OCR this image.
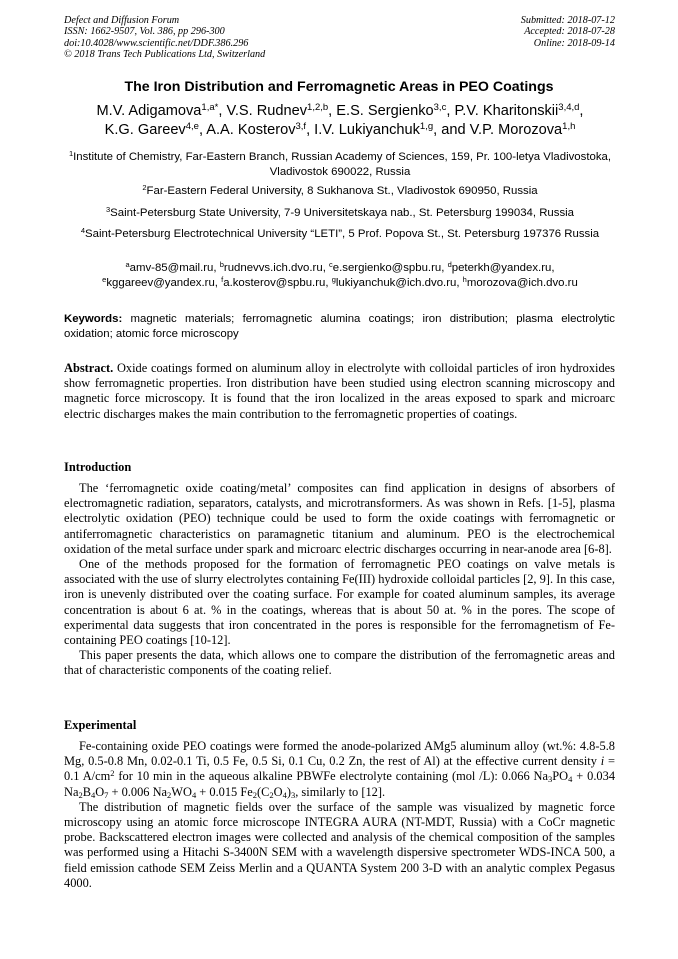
Defect and Diffusion Forum
ISSN: 1662-9507, Vol. 386, pp 296-300
doi:10.4028/www.scientific.net/DDF.386.296
© 2018 Trans Tech Publications Ltd, Switzerland
Submitted: 2018-07-12
Accepted: 2018-07-28
Online: 2018-09-14
The Iron Distribution and Ferromagnetic Areas in PEO Coatings
M.V. Adigamova$^{1,a*}$, V.S. Rudnev$^{1,2,b}$, E.S. Sergienko$^{3,c}$, P.V. Kharitonskii$^{3,4,d}$,
K.G. Gareev$^{4,e}$, A.A. Kosterov$^{3,f}$, I.V. Lukiyanchuk$^{1,g}$, and V.P. Morozova$^{1,h}$
$^1$Institute of Chemistry, Far-Eastern Branch, Russian Academy of Sciences, 159, Pr. 100-letya Vladivostoka, Vladivostok 690022, Russia
$^2$Far-Eastern Federal University, 8 Sukhanova St., Vladivostok 690950, Russia
$^3$Saint-Petersburg State University, 7-9 Universitetskaya nab., St. Petersburg 199034, Russia
$^4$Saint-Petersburg Electrotechnical University “LETI”, 5 Prof. Popova St., St. Petersburg 197376 Russia
$^a$amv-85@mail.ru, $^b$rudnevvs.ich.dvo.ru, $^c$e.sergienko@spbu.ru, $^d$peterkh@yandex.ru,
$^e$kggareev@yandex.ru, $^f$a.kosterov@spbu.ru, $^g$lukiyanchuk@ich.dvo.ru, $^h$morozova@ich.dvo.ru
Keywords: magnetic materials; ferromagnetic alumina coatings; iron distribution; plasma electrolytic oxidation; atomic force microscopy

Abstract. Oxide coatings formed on aluminum alloy in electrolyte with colloidal particles of iron hydroxides show ferromagnetic properties. Iron distribution have been studied using electron scanning microscopy and magnetic force microscopy. It is found that the iron localized in the areas exposed to spark and microarc electric discharges makes the main contribution to the ferromagnetic properties of coatings.

Introduction

The ‘ferromagnetic oxide coating/metal’ composites can find application in designs of absorbers of electromagnetic radiation, separators, catalysts, and microtransformers. As was shown in Refs. [1-5], plasma electrolytic oxidation (PEO) technique could be used to form the oxide coatings with ferromagnetic or antiferromagnetic characteristics on paramagnetic titanium and aluminum. PEO is the electrochemical oxidation of the metal surface under spark and microarc electric discharges occurring in near-anode area [6-8].

One of the methods proposed for the formation of ferromagnetic PEO coatings on valve metals is associated with the use of slurry electrolytes containing Fe(III) hydroxide colloidal particles [2, 9]. In this case, iron is unevenly distributed over the coating surface. For example for coated aluminum samples, its average concentration is about 6 at. % in the coatings, whereas that is about 50 at. % in the pores. The scope of experimental data suggests that iron concentrated in the pores is responsible for the ferromagnetism of Fe-containing PEO coatings [10-12].

This paper presents the data, which allows one to compare the distribution of the ferromagnetic areas and that of characteristic components of the coating relief.

Experimental

Fe-containing oxide PEO coatings were formed the anode-polarized AMg5 aluminum alloy (wt.%: 4.8-5.8 Mg, 0.5-0.8 Mn, 0.02-0.1 Ti, 0.5 Fe, 0.5 Si, 0.1 Cu, 0.2 Zn, the rest of Al) at the effective current density i = 0.1 $A/cm^2$ for 10 min in the aqueous alkaline PBWFe electrolyte containing (mol /L): 0.066 $Na_3PO_4 + 0.034$ $Na_2B_4O_7 + 0.006$ $Na_2WO_4 + 0.015$ $Fe_2(C_2O_4)_3$, similarly to [12].

The distribution of magnetic fields over the surface of the sample was visualized by magnetic force microscopy using an atomic force microscope INTEGRA AURA (NT-MDT, Russia) with a CoCr magnetic probe. Backscattered electron images were collected and analysis of the chemical composition of the samples was performed using a Hitachi S-3400N SEM with a wavelength dispersive spectrometer WDS-INCA 500, a field emission cathode SEM Zeiss Merlin and a QUANTA System 200 3-D with an analytic complex Pegasus 4000.
